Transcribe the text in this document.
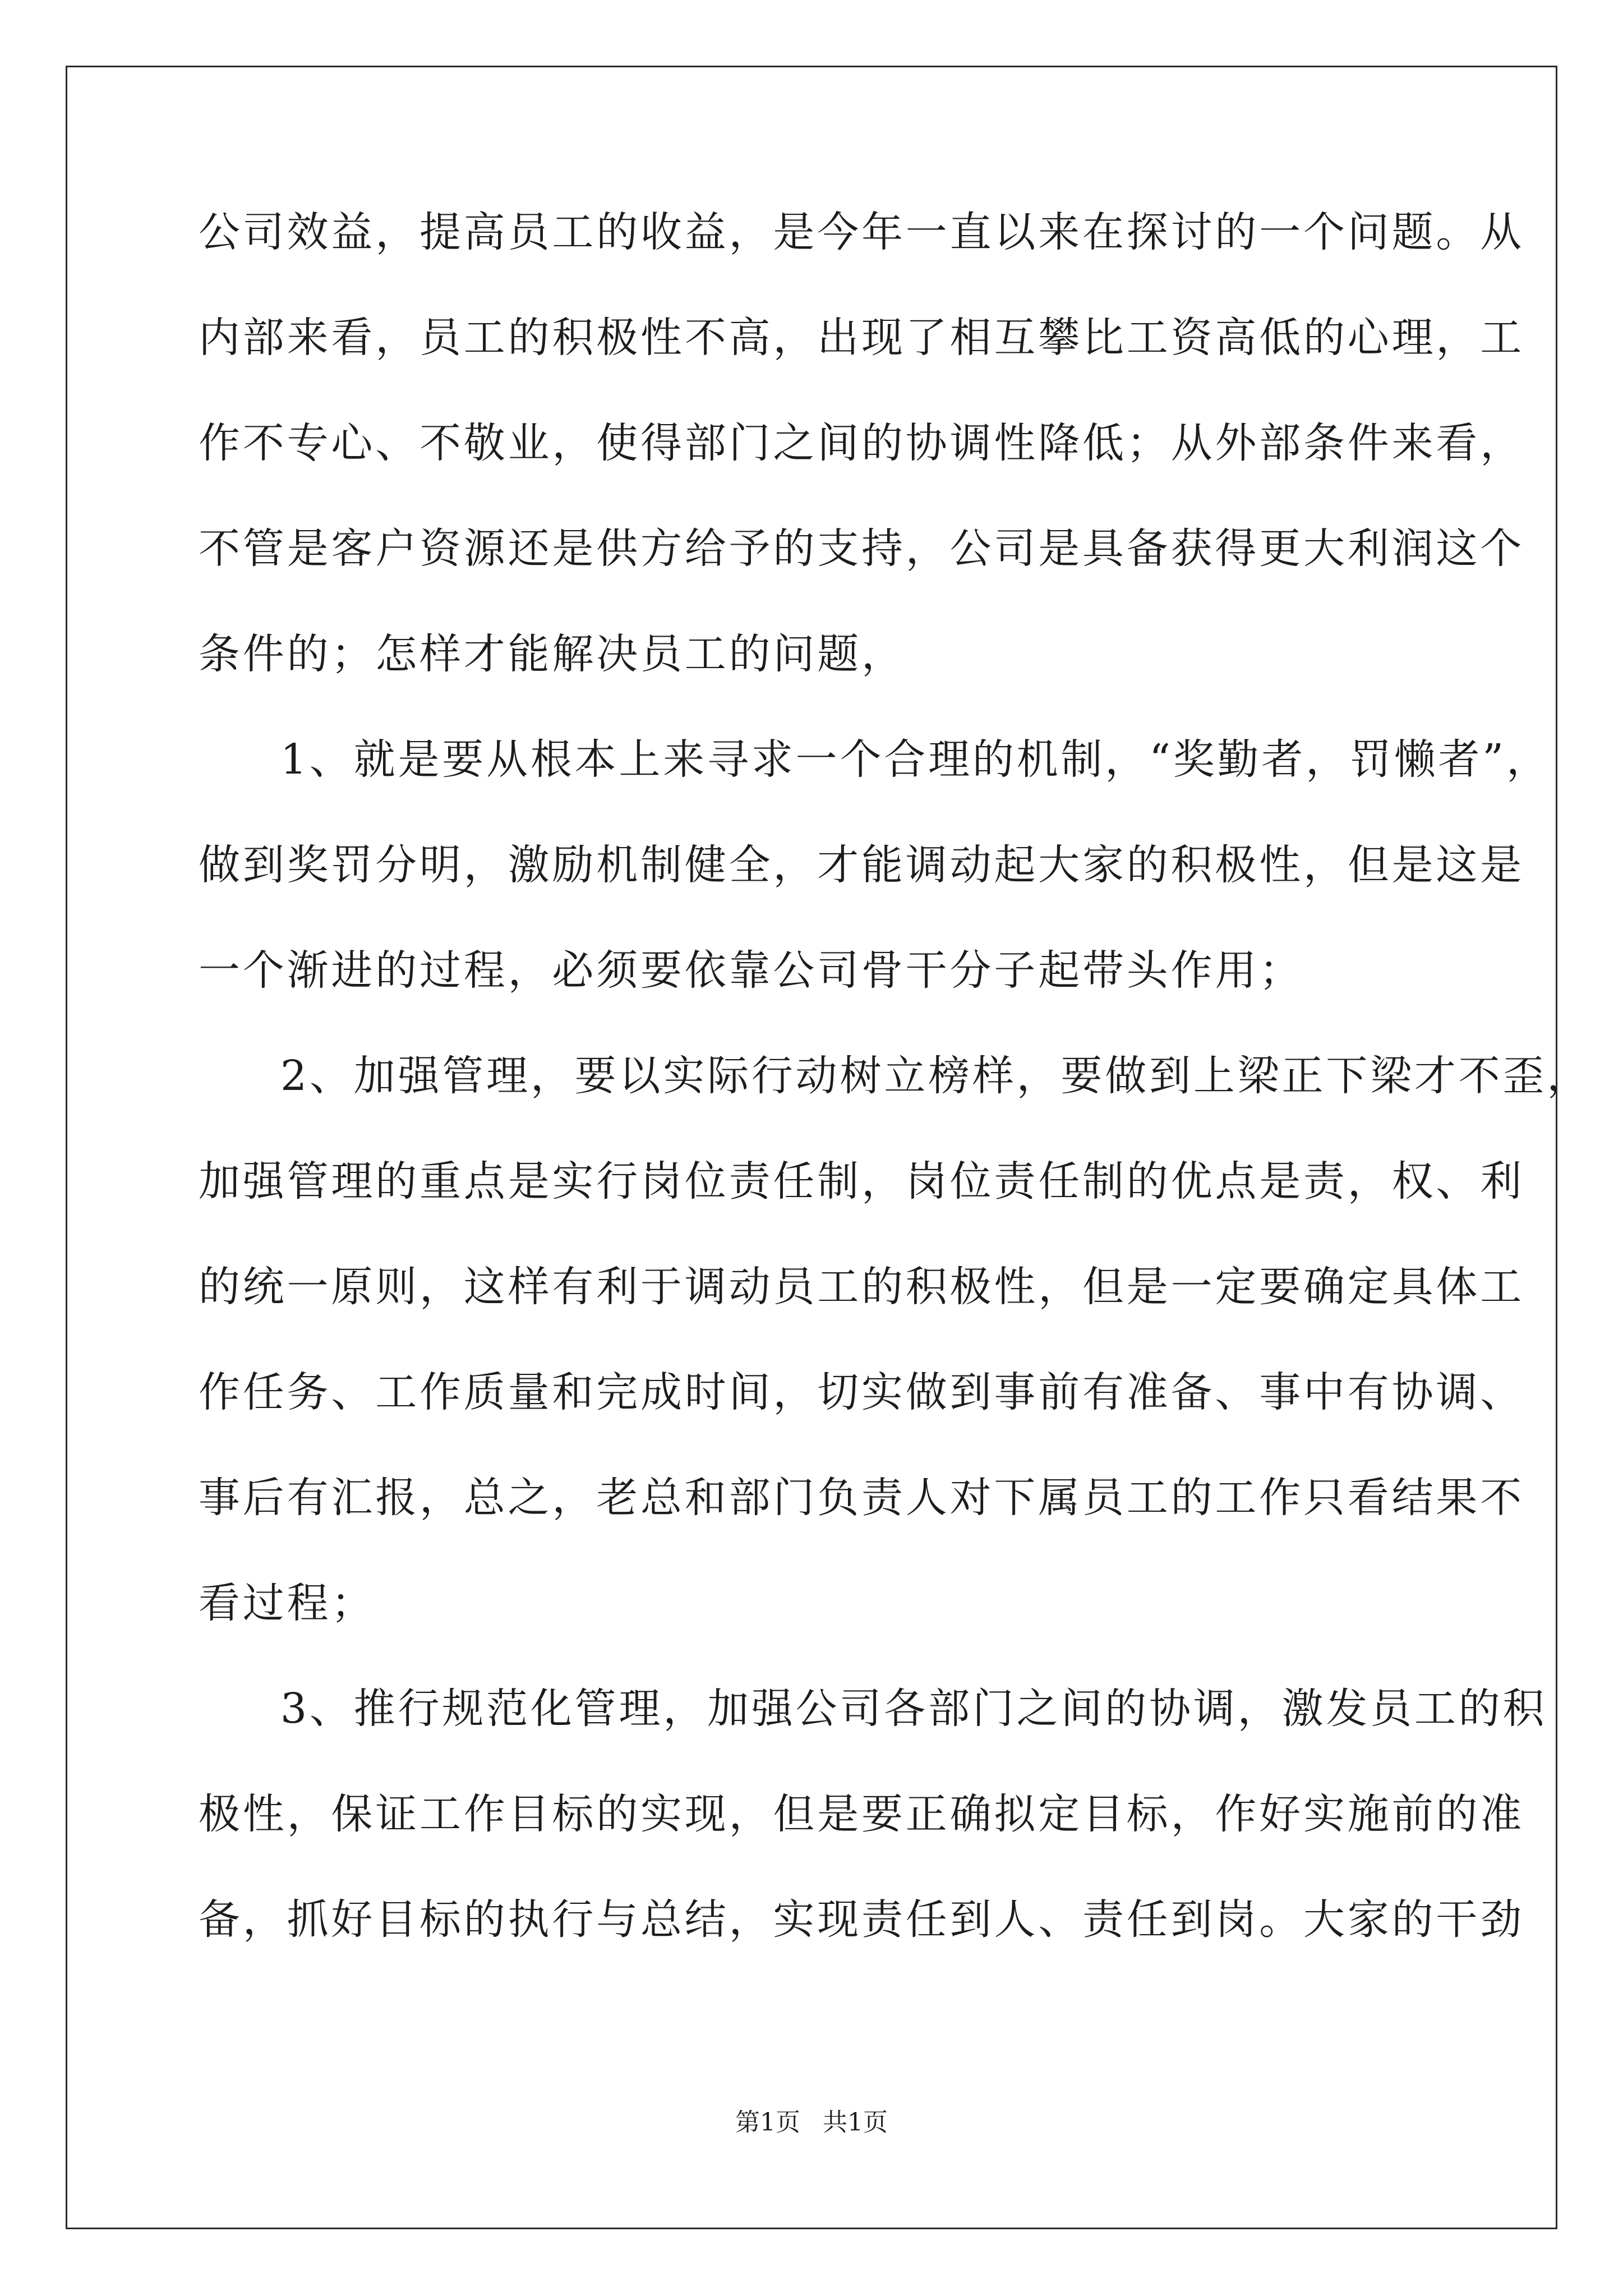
公司效益，提高员工的收益，是今年一直以来在探讨的一个问题。从
内部来看，员工的积极性不高，出现了相互攀比工资高低的心理，工
作不专心、不敬业，使得部门之间的协调性降低；从外部条件来看，
不管是客户资源还是供方给予的支持，公司是具备获得更大利润这个
条件的；怎样才能解决员工的问题，
1、就是要从根本上来寻求一个合理的机制，“奖勤者，罚懒者”，
做到奖罚分明，激励机制健全，才能调动起大家的积极性，但是这是
一个渐进的过程，必须要依靠公司骨干分子起带头作用；
2、加强管理，要以实际行动树立榜样，要做到上梁正下梁才不歪，
加强管理的重点是实行岗位责任制，岗位责任制的优点是责，权、利
的统一原则，这样有利于调动员工的积极性，但是一定要确定具体工
作任务、工作质量和完成时间，切实做到事前有准备、事中有协调、
事后有汇报，总之，老总和部门负责人对下属员工的工作只看结果不
看过程；
3、推行规范化管理，加强公司各部门之间的协调，激发员工的积
极性，保证工作目标的实现，但是要正确拟定目标，作好实施前的准
备，抓好目标的执行与总结，实现责任到人、责任到岗。大家的干劲
第1页 共1页
